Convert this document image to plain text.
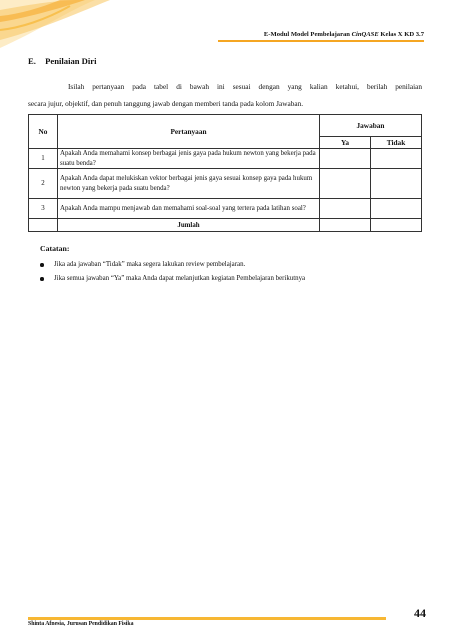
E-Modul Model Pembelajaran CinQASE Kelas X KD 3.7
E. Penilaian Diri
Isilah pertanyaan pada tabel di bawah ini sesuai dengan yang kalian ketahui, berilah penilaian
secara jujur, objektif, dan penuh tanggung jawab dengan memberi tanda pada kolom Jawaban.
No	Pertanyaan	Jawaban	
		Ya	Tidak
1	Apakah Anda memahami konsep berbagai jenis gaya pada hukum newton yang bekerja pada suatu benda?		
2	Apakah Anda dapat melukiskan vektor berbagai jenis gaya sesuai konsep gaya pada hukum newton yang bekerja pada suatu benda?		
3	Apakah Anda mampu menjawab dan memahami soal-soal yang tertera pada latihan soal?		
	Jumlah		
Catatan:
Jika ada jawaban “Tidak” maka segera lakukan review pembelajaran.
Jika semua jawaban “Ya” maka Anda dapat melanjutkan kegiatan Pembelajaran berikutnya
44
Shinta Afnesia, Jurusan Pendidikan Fisika
